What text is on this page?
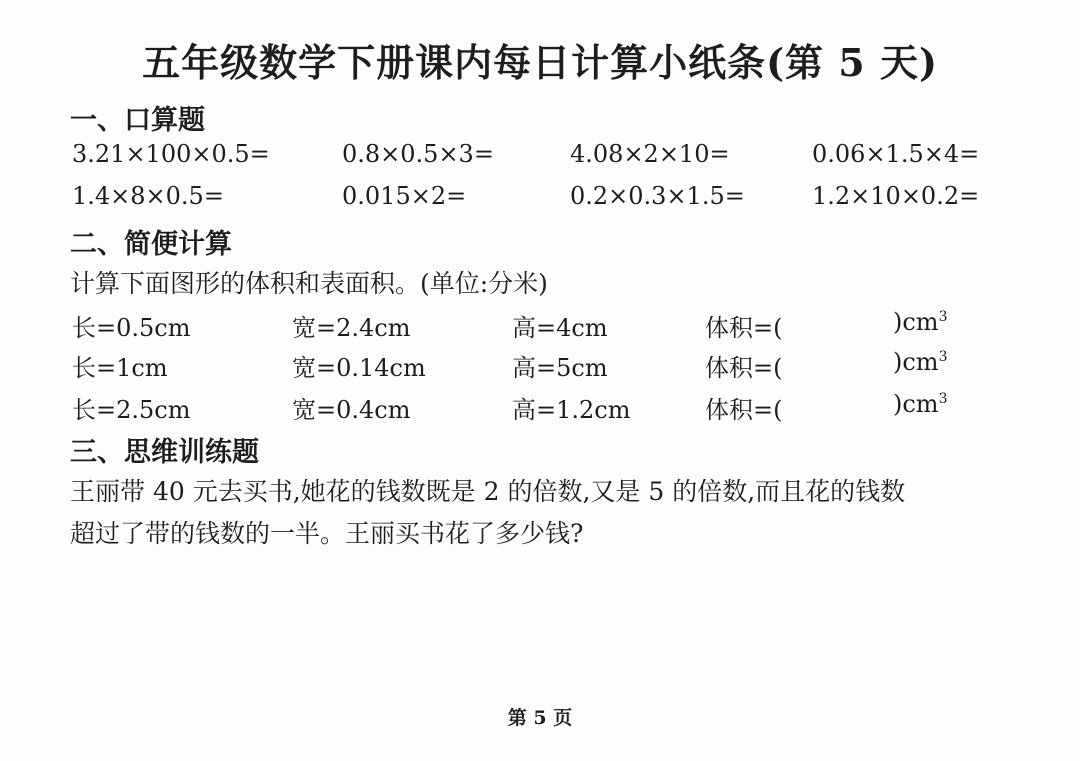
五年级数学下册课内每日计算小纸条(第 5 天)
一、口算题
3.21×100×0.5=	0.8×0.5×3=	4.08×2×10=	0.06×1.5×4=
1.4×8×0.5=	0.015×2=	0.2×0.3×1.5=	1.2×10×0.2=
二、简便计算
计算下面图形的体积和表面积。(单位:分米)
长=0.5cm	宽=2.4cm	高=4cm	体积=(	)$cm^3$
长=1cm	宽=0.14cm	高=5cm	体积=(	)$cm^3$
长=2.5cm	宽=0.4cm	高=1.2cm	体积=(	)$cm^3$
三、思维训练题
王丽带 40 元去买书,她花的钱数既是 2 的倍数,又是 5 的倍数,而且花的钱数
超过了带的钱数的一半。王丽买书花了多少钱?
第 5 页
